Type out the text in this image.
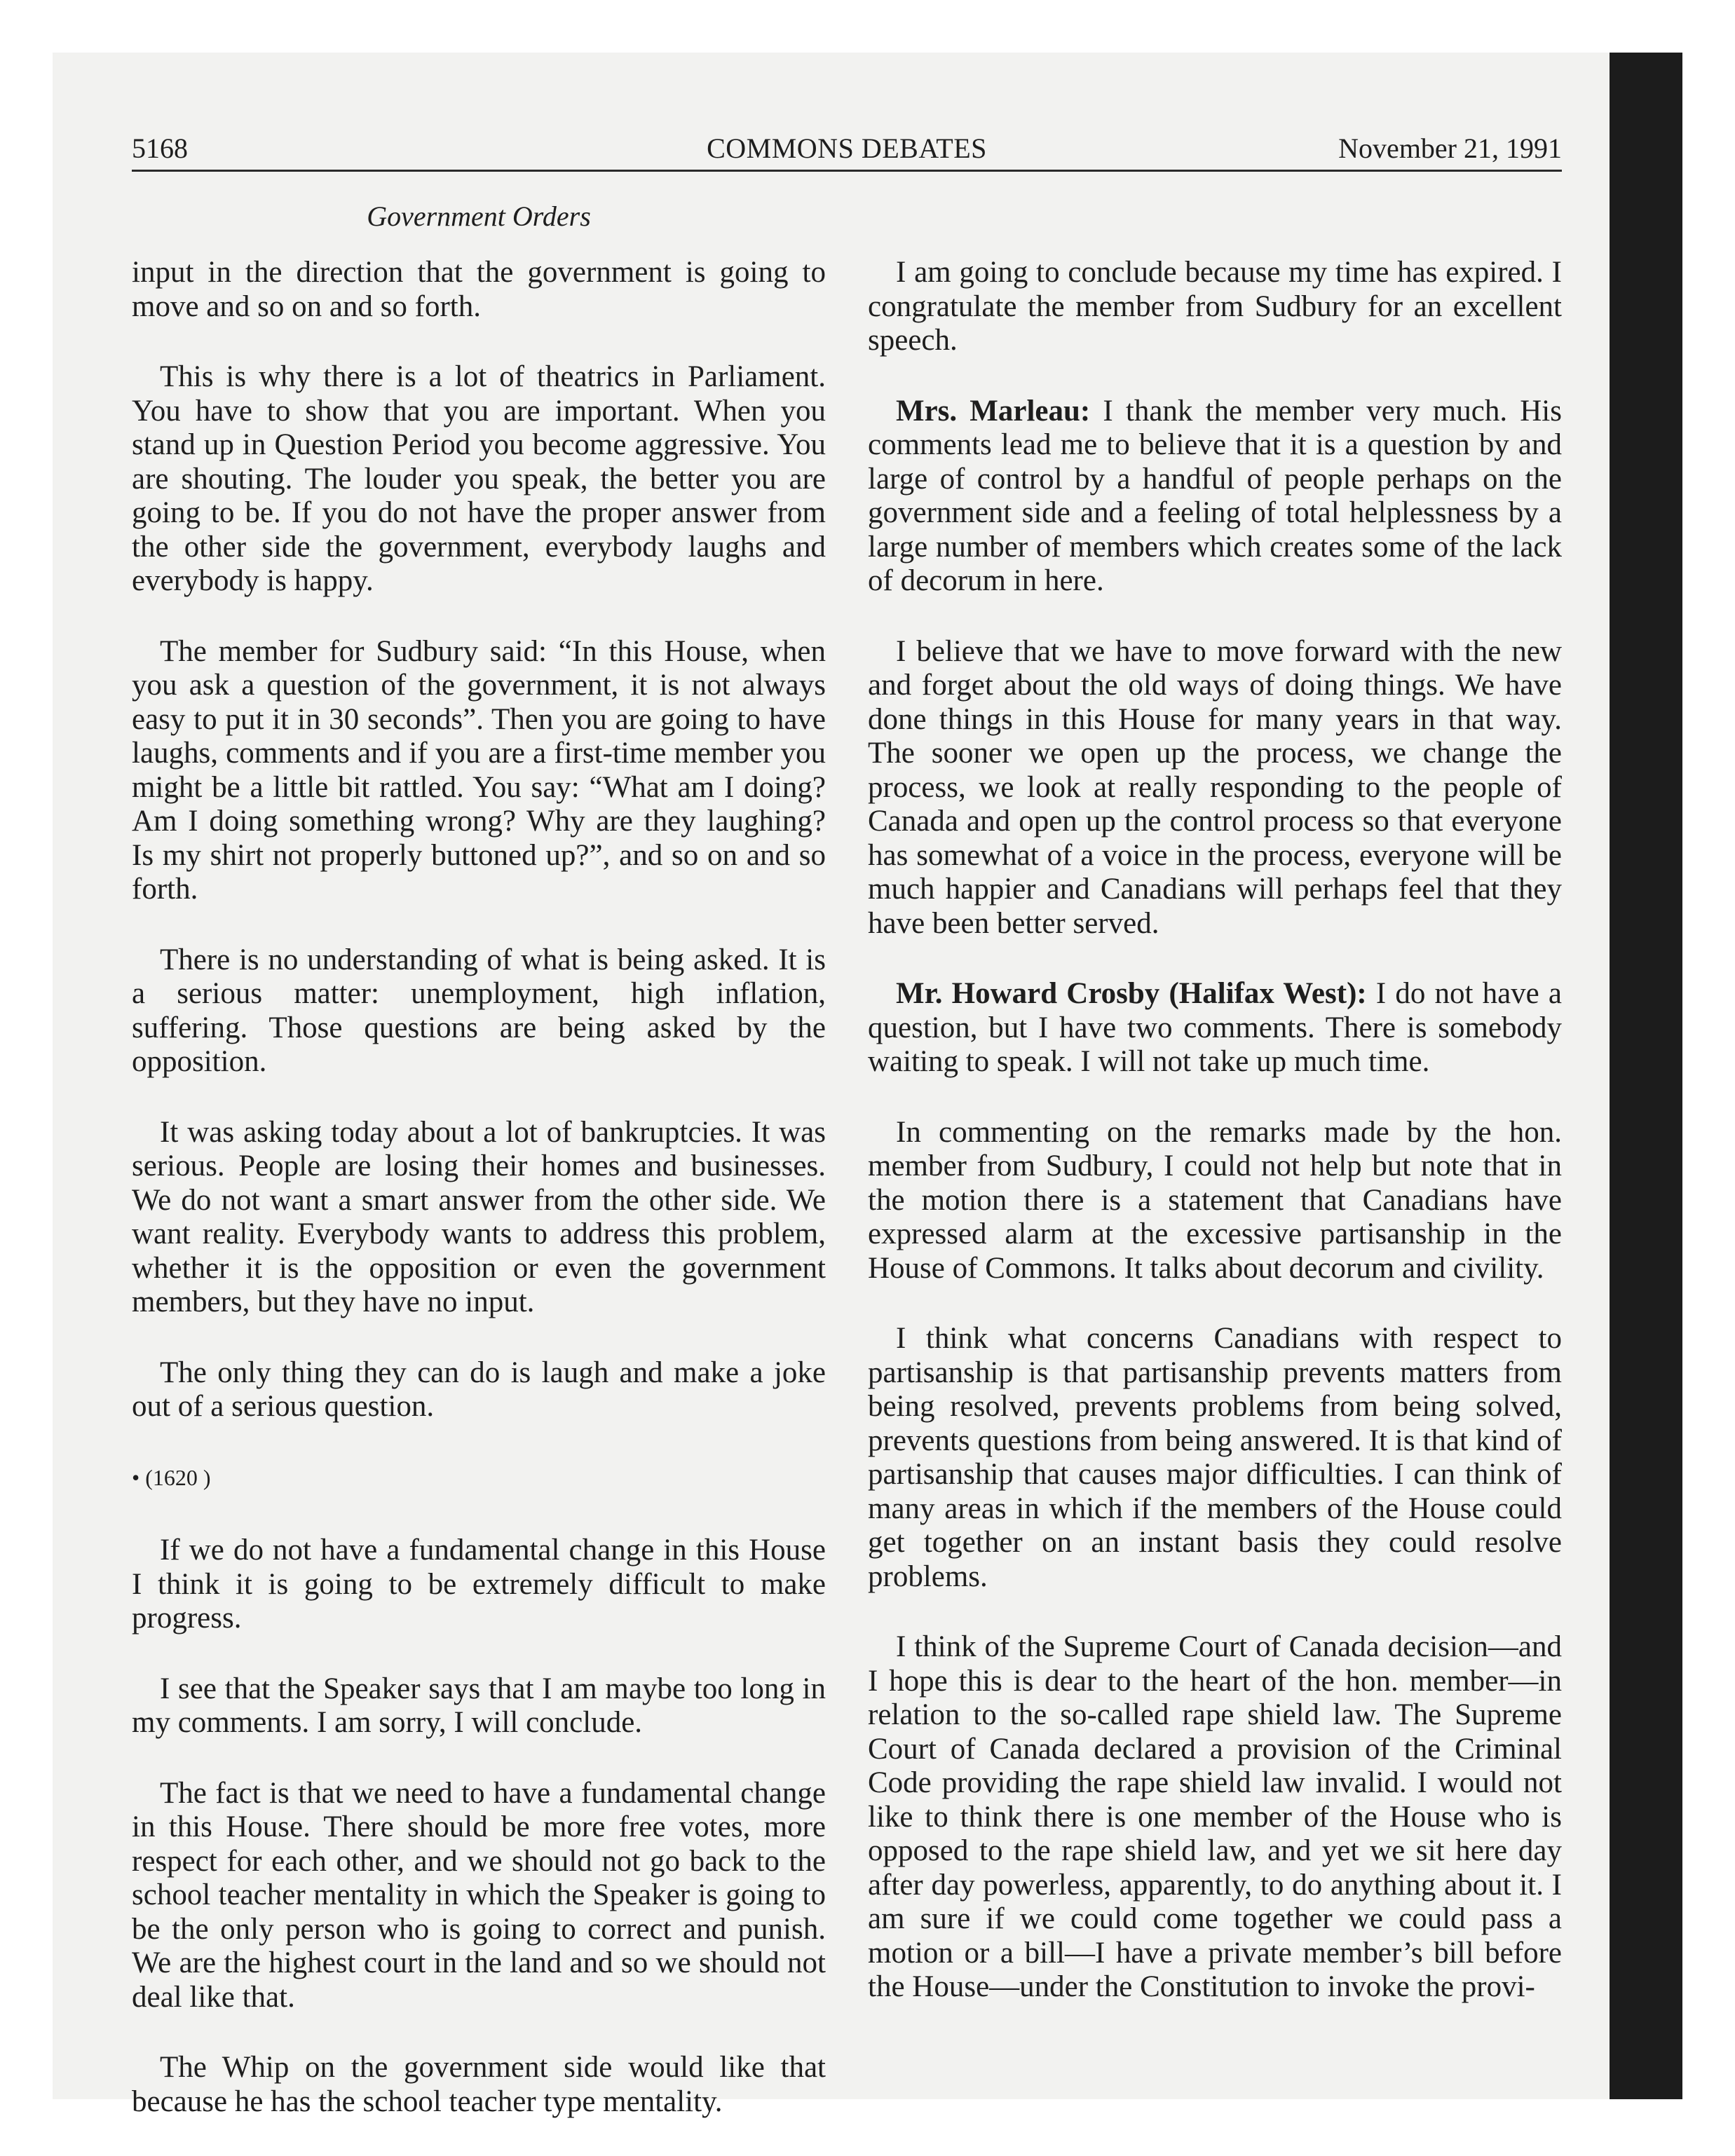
5168	COMMONS DEBATES	November 21, 1991
Government Orders

input in the direction that the government is going to move and so on and so forth.

This is why there is a lot of theatrics in Parliament. You have to show that you are important. When you stand up in Question Period you become aggressive. You are shouting. The louder you speak, the better you are going to be. If you do not have the proper answer from the other side the government, everybody laughs and everybody is happy.

The member for Sudbury said: “In this House, when you ask a question of the government, it is not always easy to put it in 30 seconds”. Then you are going to have laughs, comments and if you are a first-time member you might be a little bit rattled. You say: “What am I doing? Am I doing something wrong? Why are they laughing? Is my shirt not properly buttoned up?”, and so on and so forth.

There is no understanding of what is being asked. It is a serious matter: unemployment, high inflation, suffering. Those questions are being asked by the opposition.

It was asking today about a lot of bankruptcies. It was serious. People are losing their homes and businesses. We do not want a smart answer from the other side. We want reality. Everybody wants to address this problem, whether it is the opposition or even the government members, but they have no input.

The only thing they can do is laugh and make a joke out of a serious question.

• (1620 )

If we do not have a fundamental change in this House I think it is going to be extremely difficult to make progress.

I see that the Speaker says that I am maybe too long in my comments. I am sorry, I will conclude.

The fact is that we need to have a fundamental change in this House. There should be more free votes, more respect for each other, and we should not go back to the school teacher mentality in which the Speaker is going to be the only person who is going to correct and punish. We are the highest court in the land and so we should not deal like that.

The Whip on the government side would like that because he has the school teacher type mentality.

I am going to conclude because my time has expired. I congratulate the member from Sudbury for an excellent speech.

Mrs. Marleau: I thank the member very much. His comments lead me to believe that it is a question by and large of control by a handful of people perhaps on the government side and a feeling of total helplessness by a large number of members which creates some of the lack of decorum in here.

I believe that we have to move forward with the new and forget about the old ways of doing things. We have done things in this House for many years in that way. The sooner we open up the process, we change the process, we look at really responding to the people of Canada and open up the control process so that everyone has somewhat of a voice in the process, everyone will be much happier and Canadians will perhaps feel that they have been better served.

Mr. Howard Crosby (Halifax West): I do not have a question, but I have two comments. There is somebody waiting to speak. I will not take up much time.

In commenting on the remarks made by the hon. member from Sudbury, I could not help but note that in the motion there is a statement that Canadians have expressed alarm at the excessive partisanship in the House of Commons. It talks about decorum and civility.

I think what concerns Canadians with respect to partisanship is that partisanship prevents matters from being resolved, prevents problems from being solved, prevents questions from being answered. It is that kind of partisanship that causes major difficulties. I can think of many areas in which if the members of the House could get together on an instant basis they could resolve problems.

I think of the Supreme Court of Canada decision—and I hope this is dear to the heart of the hon. member—in relation to the so-called rape shield law. The Supreme Court of Canada declared a provision of the Criminal Code providing the rape shield law invalid. I would not like to think there is one member of the House who is opposed to the rape shield law, and yet we sit here day after day powerless, apparently, to do anything about it. I am sure if we could come together we could pass a motion or a bill—I have a private member’s bill before the House—under the Constitution to invoke the provi-
